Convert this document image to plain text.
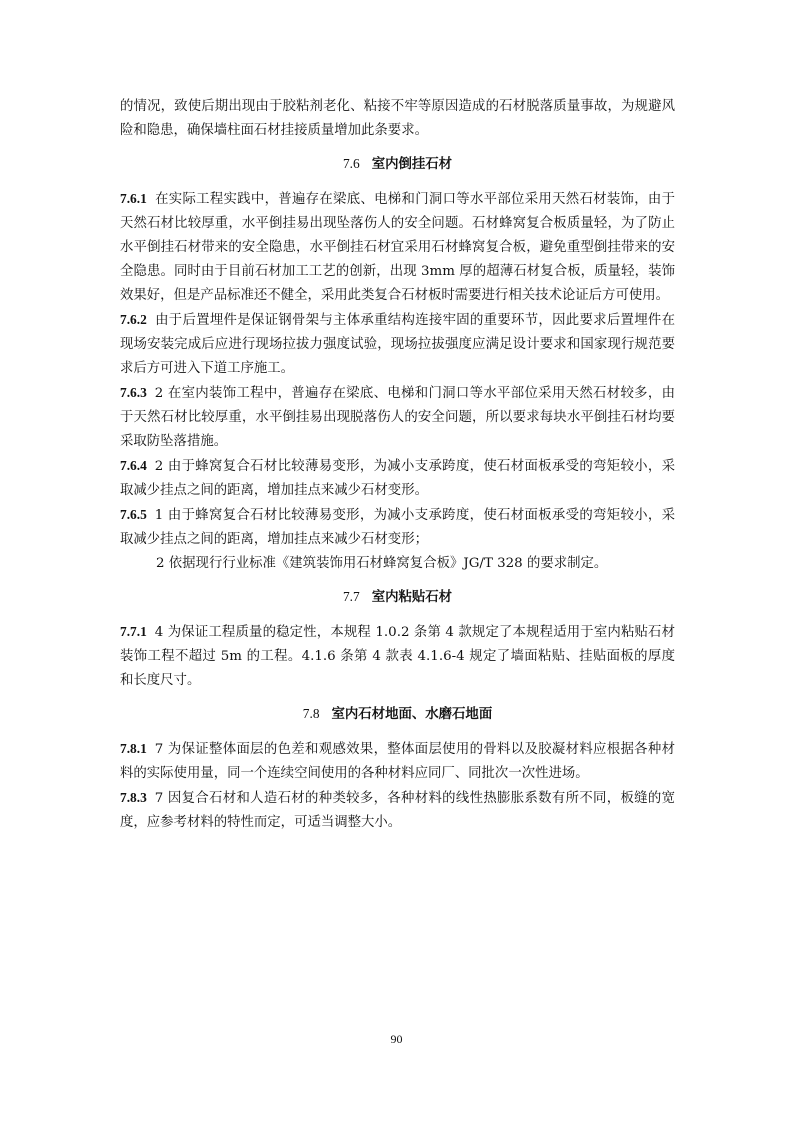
的情况，致使后期出现由于胶粘剂老化、粘接不牢等原因造成的石材脱落质量事故，为规避风险和隐患，确保墙柱面石材挂接质量增加此条要求。

7.6 室内倒挂石材

7.6.1 在实际工程实践中，普遍存在梁底、电梯和门洞口等水平部位采用天然石材装饰，由于天然石材比较厚重，水平倒挂易出现坠落伤人的安全问题。石材蜂窝复合板质量轻，为了防止水平倒挂石材带来的安全隐患，水平倒挂石材宜采用石材蜂窝复合板，避免重型倒挂带来的安全隐患。同时由于目前石材加工工艺的创新，出现 3mm 厚的超薄石材复合板，质量轻，装饰效果好，但是产品标准还不健全，采用此类复合石材板时需要进行相关技术论证后方可使用。

7.6.2 由于后置埋件是保证钢骨架与主体承重结构连接牢固的重要环节，因此要求后置埋件在现场安装完成后应进行现场拉拔力强度试验，现场拉拔强度应满足设计要求和国家现行规范要求后方可进入下道工序施工。

7.6.3 2 在室内装饰工程中，普遍存在梁底、电梯和门洞口等水平部位采用天然石材较多，由于天然石材比较厚重，水平倒挂易出现脱落伤人的安全问题，所以要求每块水平倒挂石材均要采取防坠落措施。

7.6.4 2 由于蜂窝复合石材比较薄易变形，为减小支承跨度，使石材面板承受的弯矩较小，采取减少挂点之间的距离，增加挂点来减少石材变形。

7.6.5 1 由于蜂窝复合石材比较薄易变形，为减小支承跨度，使石材面板承受的弯矩较小，采取减少挂点之间的距离，增加挂点来减少石材变形；

2 依据现行行业标准《建筑装饰用石材蜂窝复合板》JG/T 328 的要求制定。

7.7 室内粘贴石材

7.7.1 4 为保证工程质量的稳定性，本规程 1.0.2 条第 4 款规定了本规程适用于室内粘贴石材装饰工程不超过 5m 的工程。4.1.6 条第 4 款表 4.1.6-4 规定了墙面粘贴、挂贴面板的厚度和长度尺寸。

7.8 室内石材地面、水磨石地面

7.8.1 7 为保证整体面层的色差和观感效果，整体面层使用的骨料以及胶凝材料应根据各种材料的实际使用量，同一个连续空间使用的各种材料应同厂、同批次一次性进场。

7.8.3 7 因复合石材和人造石材的种类较多，各种材料的线性热膨胀系数有所不同，板缝的宽度，应参考材料的特性而定，可适当调整大小。

90
